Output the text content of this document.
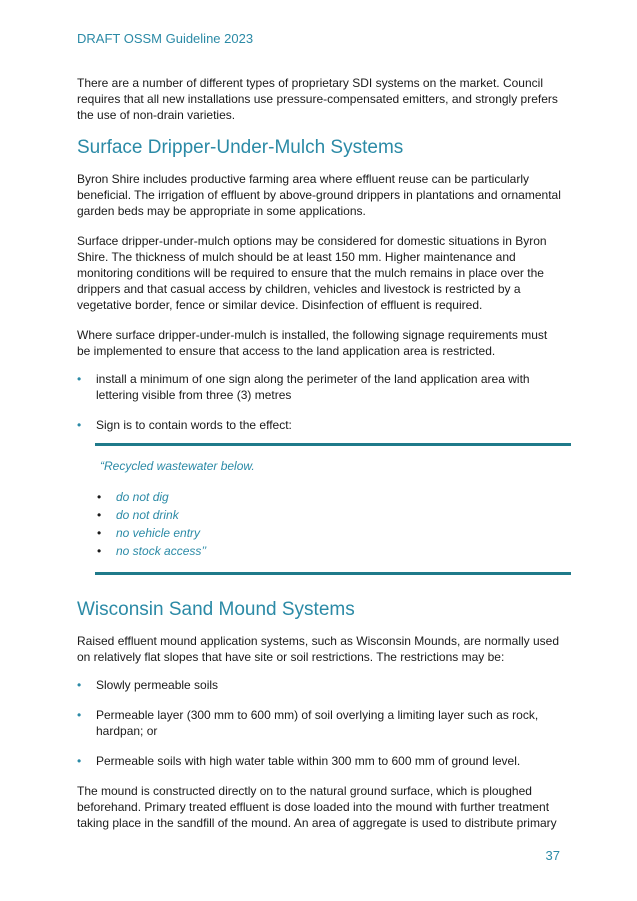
DRAFT OSSM Guideline 2023

There are a number of different types of proprietary SDI systems on the market. Council requires that all new installations use pressure-compensated emitters, and strongly prefers the use of non-drain varieties.

Surface Dripper-Under-Mulch Systems

Byron Shire includes productive farming area where effluent reuse can be particularly beneficial. The irrigation of effluent by above-ground drippers in plantations and ornamental garden beds may be appropriate in some applications.

Surface dripper-under-mulch options may be considered for domestic situations in Byron Shire. The thickness of mulch should be at least 150 mm. Higher maintenance and monitoring conditions will be required to ensure that the mulch remains in place over the drippers and that casual access by children, vehicles and livestock is restricted by a vegetative border, fence or similar device. Disinfection of effluent is required.

Where surface dripper-under-mulch is installed, the following signage requirements must be implemented to ensure that access to the land application area is restricted.

• install a minimum of one sign along the perimeter of the land application area with lettering visible from three (3) metres
• Sign is to contain words to the effect:

“Recycled wastewater below.

• do not dig
• do not drink
• no vehicle entry
• no stock access’’
Wisconsin Sand Mound Systems

Raised effluent mound application systems, such as Wisconsin Mounds, are normally used on relatively flat slopes that have site or soil restrictions. The restrictions may be:

• Slowly permeable soils
• Permeable layer (300 mm to 600 mm) of soil overlying a limiting layer such as rock, hardpan; or
• Permeable soils with high water table within 300 mm to 600 mm of ground level.

The mound is constructed directly on to the natural ground surface, which is ploughed beforehand. Primary treated effluent is dose loaded into the mound with further treatment taking place in the sandfill of the mound. An area of aggregate is used to distribute primary

37
